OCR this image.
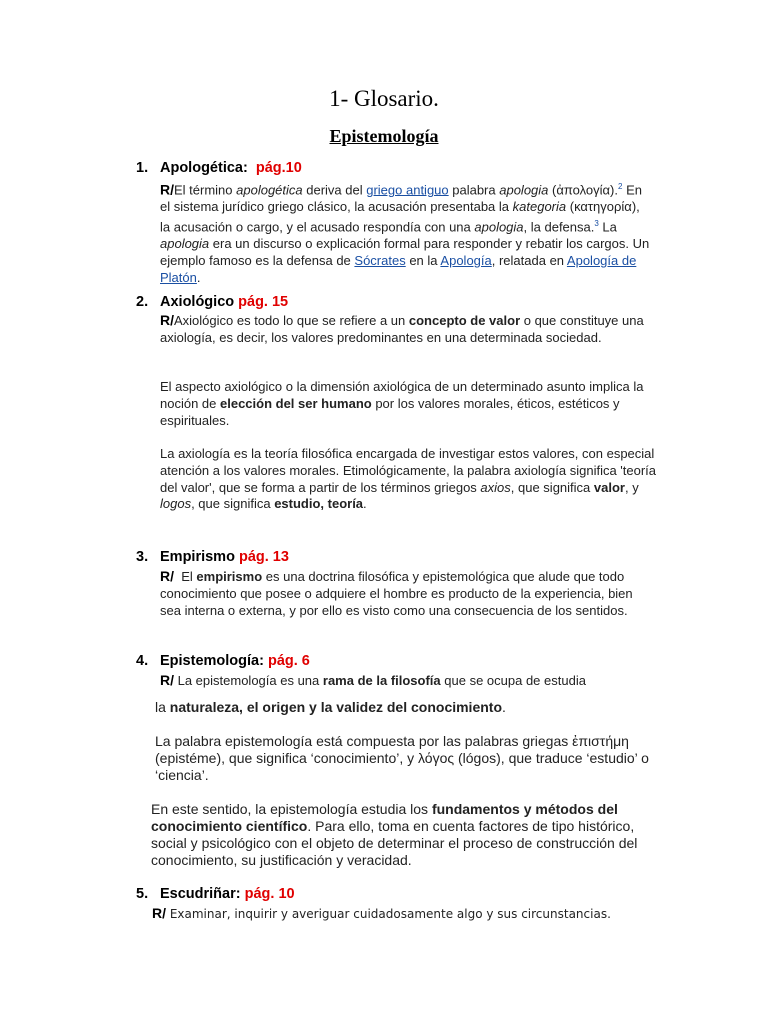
1- Glosario.
Epistemología
1. Apologética: pág.10
R/El término apologética deriva del griego antiguo palabra apologia (ἀπολογία).$^2$ En el sistema jurídico griego clásico, la acusación presentaba la kategoria (κατηγορία), la acusación o cargo, y el acusado respondía con una apologia, la defensa.$^3$ La apologia era un discurso o explicación formal para responder y rebatir los cargos. Un ejemplo famoso es la defensa de Sócrates en la Apología, relatada en Apología de Platón.
2. Axiológico pág. 15
R/Axiológico es todo lo que se refiere a un concepto de valor o que constituye una axiología, es decir, los valores predominantes en una determinada sociedad.
El aspecto axiológico o la dimensión axiológica de un determinado asunto implica la noción de elección del ser humano por los valores morales, éticos, estéticos y espirituales.
La axiología es la teoría filosófica encargada de investigar estos valores, con especial atención a los valores morales. Etimológicamente, la palabra axiología significa 'teoría del valor', que se forma a partir de los términos griegos axios, que significa valor, y logos, que significa estudio, teoría.
3. Empirismo pág. 13
R/  El empirismo es una doctrina filosófica y epistemológica que alude que todo conocimiento que posee o adquiere el hombre es producto de la experiencia, bien sea interna o externa, y por ello es visto como una consecuencia de los sentidos.
4. Epistemología: pág. 6
R/ La epistemología es una rama de la filosofía que se ocupa de estudia
la naturaleza, el origen y la validez del conocimiento.
La palabra epistemología está compuesta por las palabras griegas ἐπιστήμη (epistéme), que significa ‘conocimiento’, y λόγος (lógos), que traduce ‘estudio’ o ‘ciencia’.
En este sentido, la epistemología estudia los fundamentos y métodos del conocimiento científico. Para ello, toma en cuenta factores de tipo histórico, social y psicológico con el objeto de determinar el proceso de construcción del conocimiento, su justificación y veracidad.
5. Escudriñar: pág. 10
R/ Examinar, inquirir y averiguar cuidadosamente algo y sus circunstancias.
